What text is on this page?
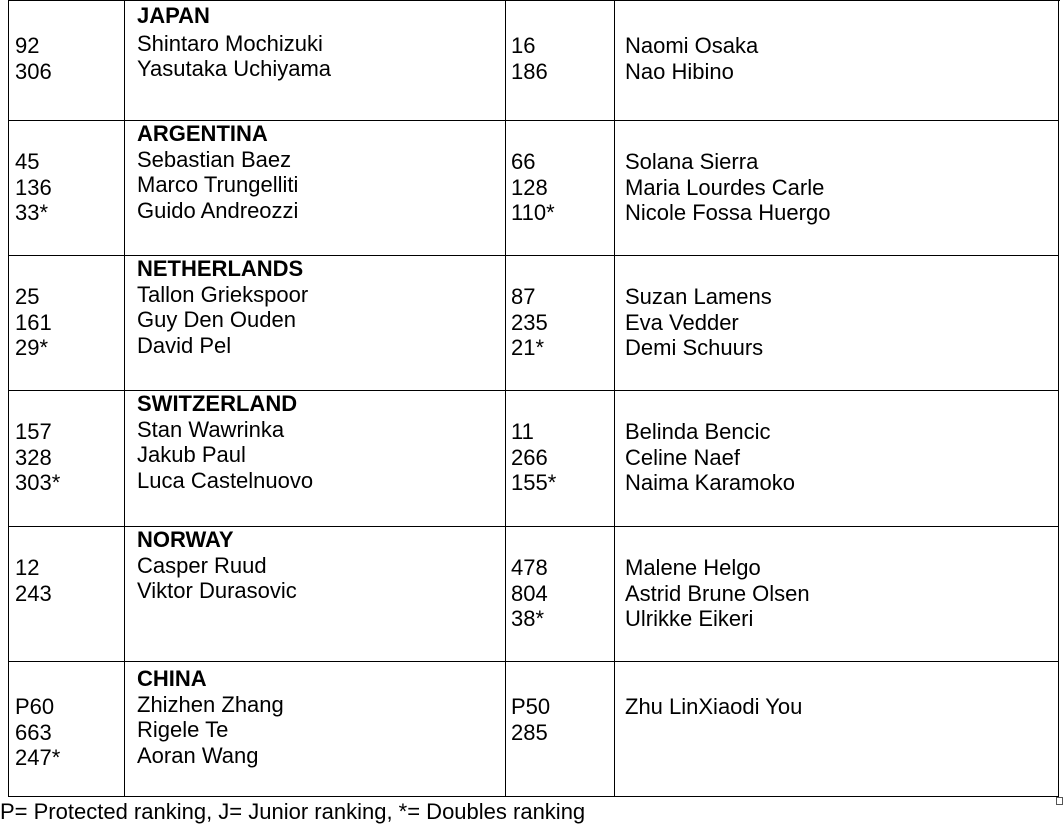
92
306
JAPAN
Shintaro Mochizuki
Yasutaka Uchiyama
16
186
Naomi Osaka
Nao Hibino
45
136
33*
ARGENTINA
Sebastian Baez
Marco Trungelliti
Guido Andreozzi
66
128
110*
Solana Sierra
Maria Lourdes Carle
Nicole Fossa Huergo
25
161
29*
NETHERLANDS
Tallon Griekspoor
Guy Den Ouden
David Pel
87
235
21*
Suzan Lamens
Eva Vedder
Demi Schuurs
157
328
303*
SWITZERLAND
Stan Wawrinka
Jakub Paul
Luca Castelnuovo
11
266
155*
Belinda Bencic
Celine Naef
Naima Karamoko
12
243
NORWAY
Casper Ruud
Viktor Durasovic
478
804
38*
Malene Helgo
Astrid Brune Olsen
Ulrikke Eikeri
P60
663
247*
CHINA
Zhizhen Zhang
Rigele Te
Aoran Wang
P50
285
Zhu LinXiaodi You
P= Protected ranking, J= Junior ranking, *= Doubles ranking
